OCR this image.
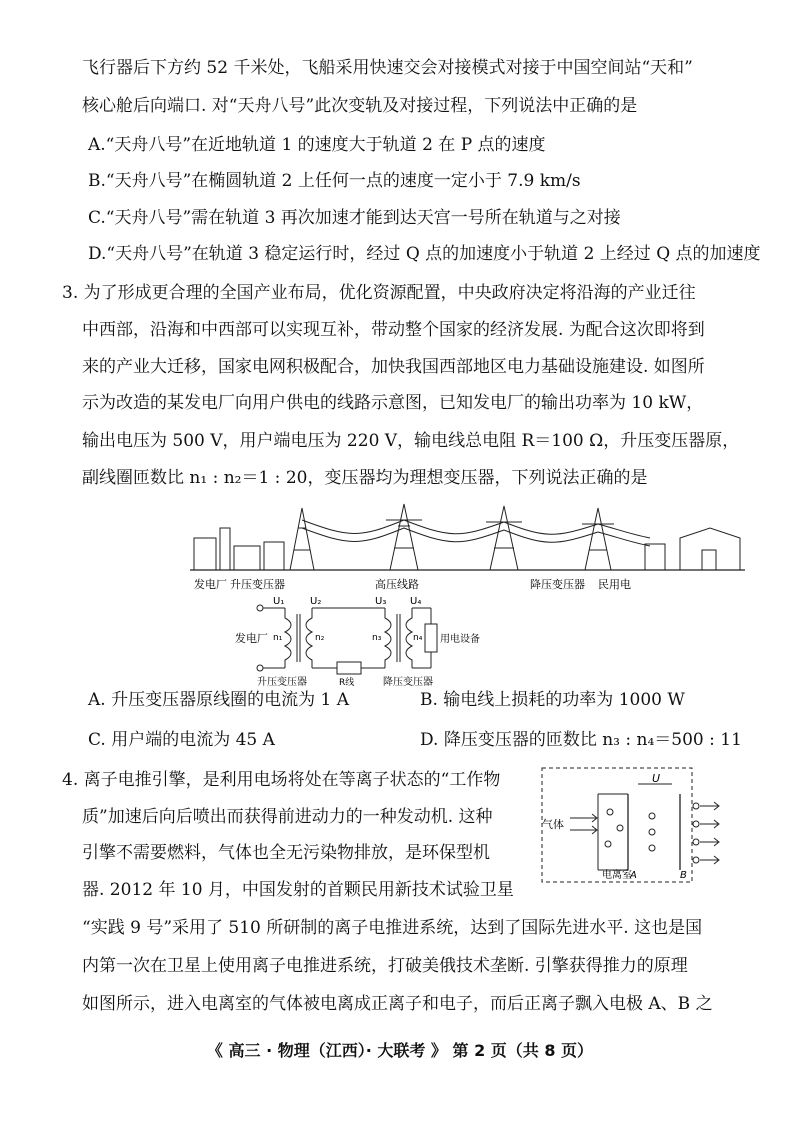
飞行器后下方约 52 千米处，飞船采用快速交会对接模式对接于中国空间站“天和”
核心舱后向端口. 对“天舟八号”此次变轨及对接过程，下列说法中正确的是
A.“天舟八号”在近地轨道 1 的速度大于轨道 2 在 P 点的速度
B.“天舟八号”在椭圆轨道 2 上任何一点的速度一定小于 7.9 km/s
C.“天舟八号”需在轨道 3 再次加速才能到达天宫一号所在轨道与之对接
D.“天舟八号”在轨道 3 稳定运行时，经过 Q 点的加速度小于轨道 2 上经过 Q 点的加速度
3. 为了形成更合理的全国产业布局，优化资源配置，中央政府决定将沿海的产业迁往
中西部，沿海和中西部可以实现互补，带动整个国家的经济发展. 为配合这次即将到
来的产业大迁移，国家电网积极配合，加快我国西部地区电力基础设施建设. 如图所
示为改造的某发电厂向用户供电的线路示意图，已知发电厂的输出功率为 10 kW，
输出电压为 500 V，用户端电压为 220 V，输电线总电阻 R＝100 Ω，升压变压器原，
副线圈匝数比 n₁ : n₂＝1 : 20，变压器均为理想变压器，下列说法正确的是
发电厂 升压变压器	高压线路	降压变压器 民用电
U₁	U₂	U₃ U₄
n₁	n₂	n₃	n₄
发电厂	用电设备
R线
升压变压器	降压变压器
A. 升压变压器原线圈的电流为 1 A	B. 输电线上损耗的功率为 1000 W
C. 用户端的电流为 45 A	D. 降压变压器的匝数比 n₃ : n₄＝500 : 11
4. 离子电推引擎，是利用电场将处在等离子状态的“工作物
质”加速后向后喷出而获得前进动力的一种发动机. 这种
引擎不需要燃料，气体也全无污染物排放，是环保型机
器. 2012 年 10 月，中国发射的首颗民用新技术试验卫星
U
气体
电离室
A	B
“实践 9 号”采用了 510 所研制的离子电推进系统，达到了国际先进水平. 这也是国
内第一次在卫星上使用离子电推进系统，打破美俄技术垄断. 引擎获得推力的原理
如图所示，进入电离室的气体被电离成正离子和电子，而后正离子飘入电极 A、B 之
《 高三 · 物理（江西）· 大联考 》 第 2 页（共 8 页）
